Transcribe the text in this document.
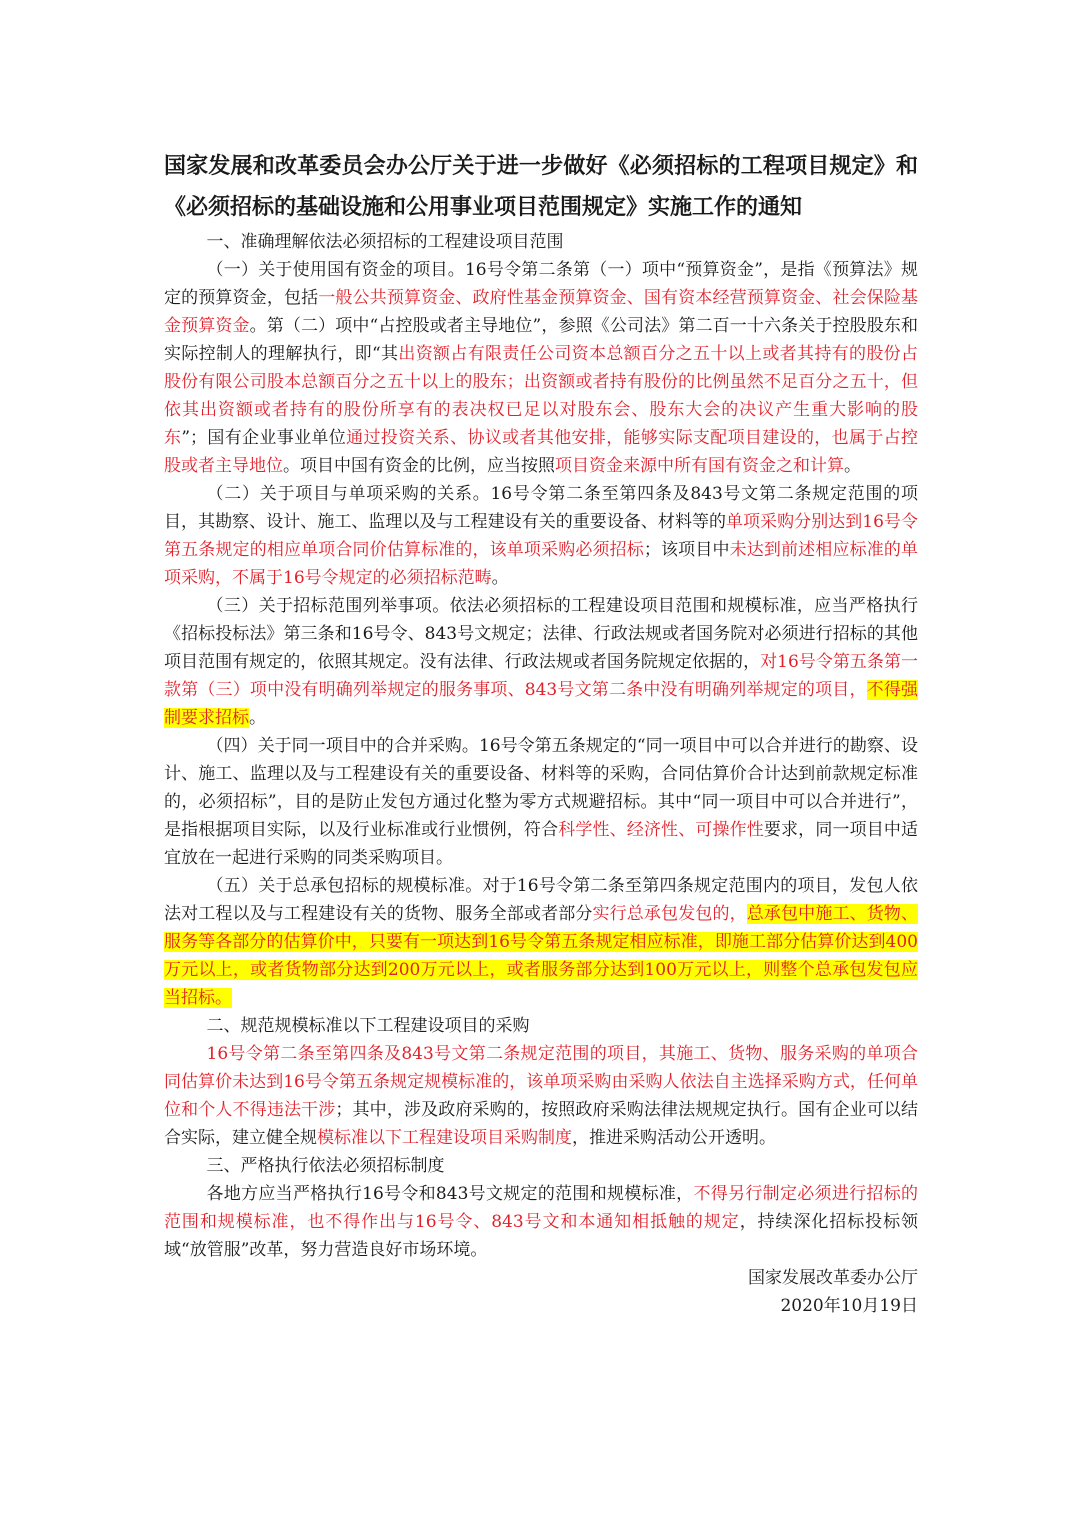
国家发展和改革委员会办公厅关于进一步做好《必须招标的工程项目规定》和《必须招标的基础设施和公用事业项目范围规定》实施工作的通知
一、准确理解依法必须招标的工程建设项目范围

（一）关于使用国有资金的项目。16号令第二条第（一）项中“预算资金”，是指《预算法》规定的预算资金，包括一般公共预算资金、政府性基金预算资金、国有资本经营预算资金、社会保险基金预算资金。第（二）项中“占控股或者主导地位”，参照《公司法》第二百一十六条关于控股股东和实际控制人的理解执行，即“其出资额占有限责任公司资本总额百分之五十以上或者其持有的股份占股份有限公司股本总额百分之五十以上的股东；出资额或者持有股份的比例虽然不足百分之五十，但依其出资额或者持有的股份所享有的表决权已足以对股东会、股东大会的决议产生重大影响的股东”；国有企业事业单位通过投资关系、协议或者其他安排，能够实际支配项目建设的，也属于占控股或者主导地位。项目中国有资金的比例，应当按照项目资金来源中所有国有资金之和计算。

（二）关于项目与单项采购的关系。16号令第二条至第四条及843号文第二条规定范围的项目，其勘察、设计、施工、监理以及与工程建设有关的重要设备、材料等的单项采购分别达到16号令第五条规定的相应单项合同价估算标准的，该单项采购必须招标；该项目中未达到前述相应标准的单项采购，不属于16号令规定的必须招标范畴。

（三）关于招标范围列举事项。依法必须招标的工程建设项目范围和规模标准，应当严格执行《招标投标法》第三条和16号令、843号文规定；法律、行政法规或者国务院对必须进行招标的其他项目范围有规定的，依照其规定。没有法律、行政法规或者国务院规定依据的，对16号令第五条第一款第（三）项中没有明确列举规定的服务事项、843号文第二条中没有明确列举规定的项目，不得强制要求招标。

（四）关于同一项目中的合并采购。16号令第五条规定的“同一项目中可以合并进行的勘察、设计、施工、监理以及与工程建设有关的重要设备、材料等的采购，合同估算价合计达到前款规定标准的，必须招标”，目的是防止发包方通过化整为零方式规避招标。其中“同一项目中可以合并进行”，是指根据项目实际，以及行业标准或行业惯例，符合科学性、经济性、可操作性要求，同一项目中适宜放在一起进行采购的同类采购项目。

（五）关于总承包招标的规模标准。对于16号令第二条至第四条规定范围内的项目，发包人依法对工程以及与工程建设有关的货物、服务全部或者部分实行总承包发包的，总承包中施工、货物、服务等各部分的估算价中，只要有一项达到16号令第五条规定相应标准，即施工部分估算价达到400万元以上，或者货物部分达到200万元以上，或者服务部分达到100万元以上，则整个总承包发包应当招标。

二、规范规模标准以下工程建设项目的采购

16号令第二条至第四条及843号文第二条规定范围的项目，其施工、货物、服务采购的单项合同估算价未达到16号令第五条规定规模标准的，该单项采购由采购人依法自主选择采购方式，任何单位和个人不得违法干涉；其中，涉及政府采购的，按照政府采购法律法规规定执行。国有企业可以结合实际，建立健全规模标准以下工程建设项目采购制度，推进采购活动公开透明。

三、严格执行依法必须招标制度

各地方应当严格执行16号令和843号文规定的范围和规模标准，不得另行制定必须进行招标的范围和规模标准，也不得作出与16号令、843号文和本通知相抵触的规定，持续深化招标投标领域“放管服”改革，努力营造良好市场环境。

国家发展改革委办公厅
2020年10月19日
